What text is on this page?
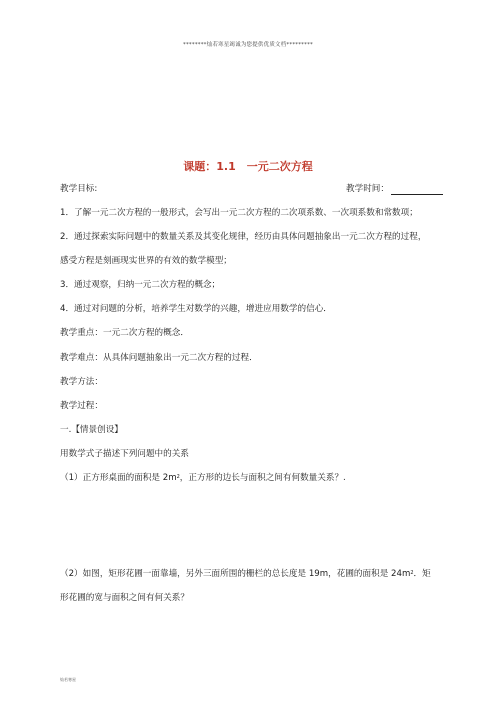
********灿若寒星竭诚为您提供优质文档*********
课题：1.1　一元二次方程
教学目标:	教学时间：
1．了解一元二次方程的一般形式，会写出一元二次方程的二次项系数、一次项系数和常数项；
2．通过探索实际问题中的数量关系及其变化规律，经历由具体问题抽象出一元二次方程的过程，
感受方程是刻画现实世界的有效的数学模型；
3．通过观察，归纳一元二次方程的概念；
4．通过对问题的分析，培养学生对数学的兴趣，增进应用数学的信心．
教学重点：一元二次方程的概念．
教学难点：从具体问题抽象出一元二次方程的过程．
教学方法：
教学过程：
一.【情景创设】
用数学式子描述下列问题中的关系
（1）正方形桌面的面积是 $2m^2$，正方形的边长与面积之间有何数量关系？.
（2）如图，矩形花圃一面靠墙，另外三面所围的栅栏的总长度是 19m，花圃的面积是 $24m^2$．矩
形花圃的宽与面积之间有何关系？
灿若寒星
